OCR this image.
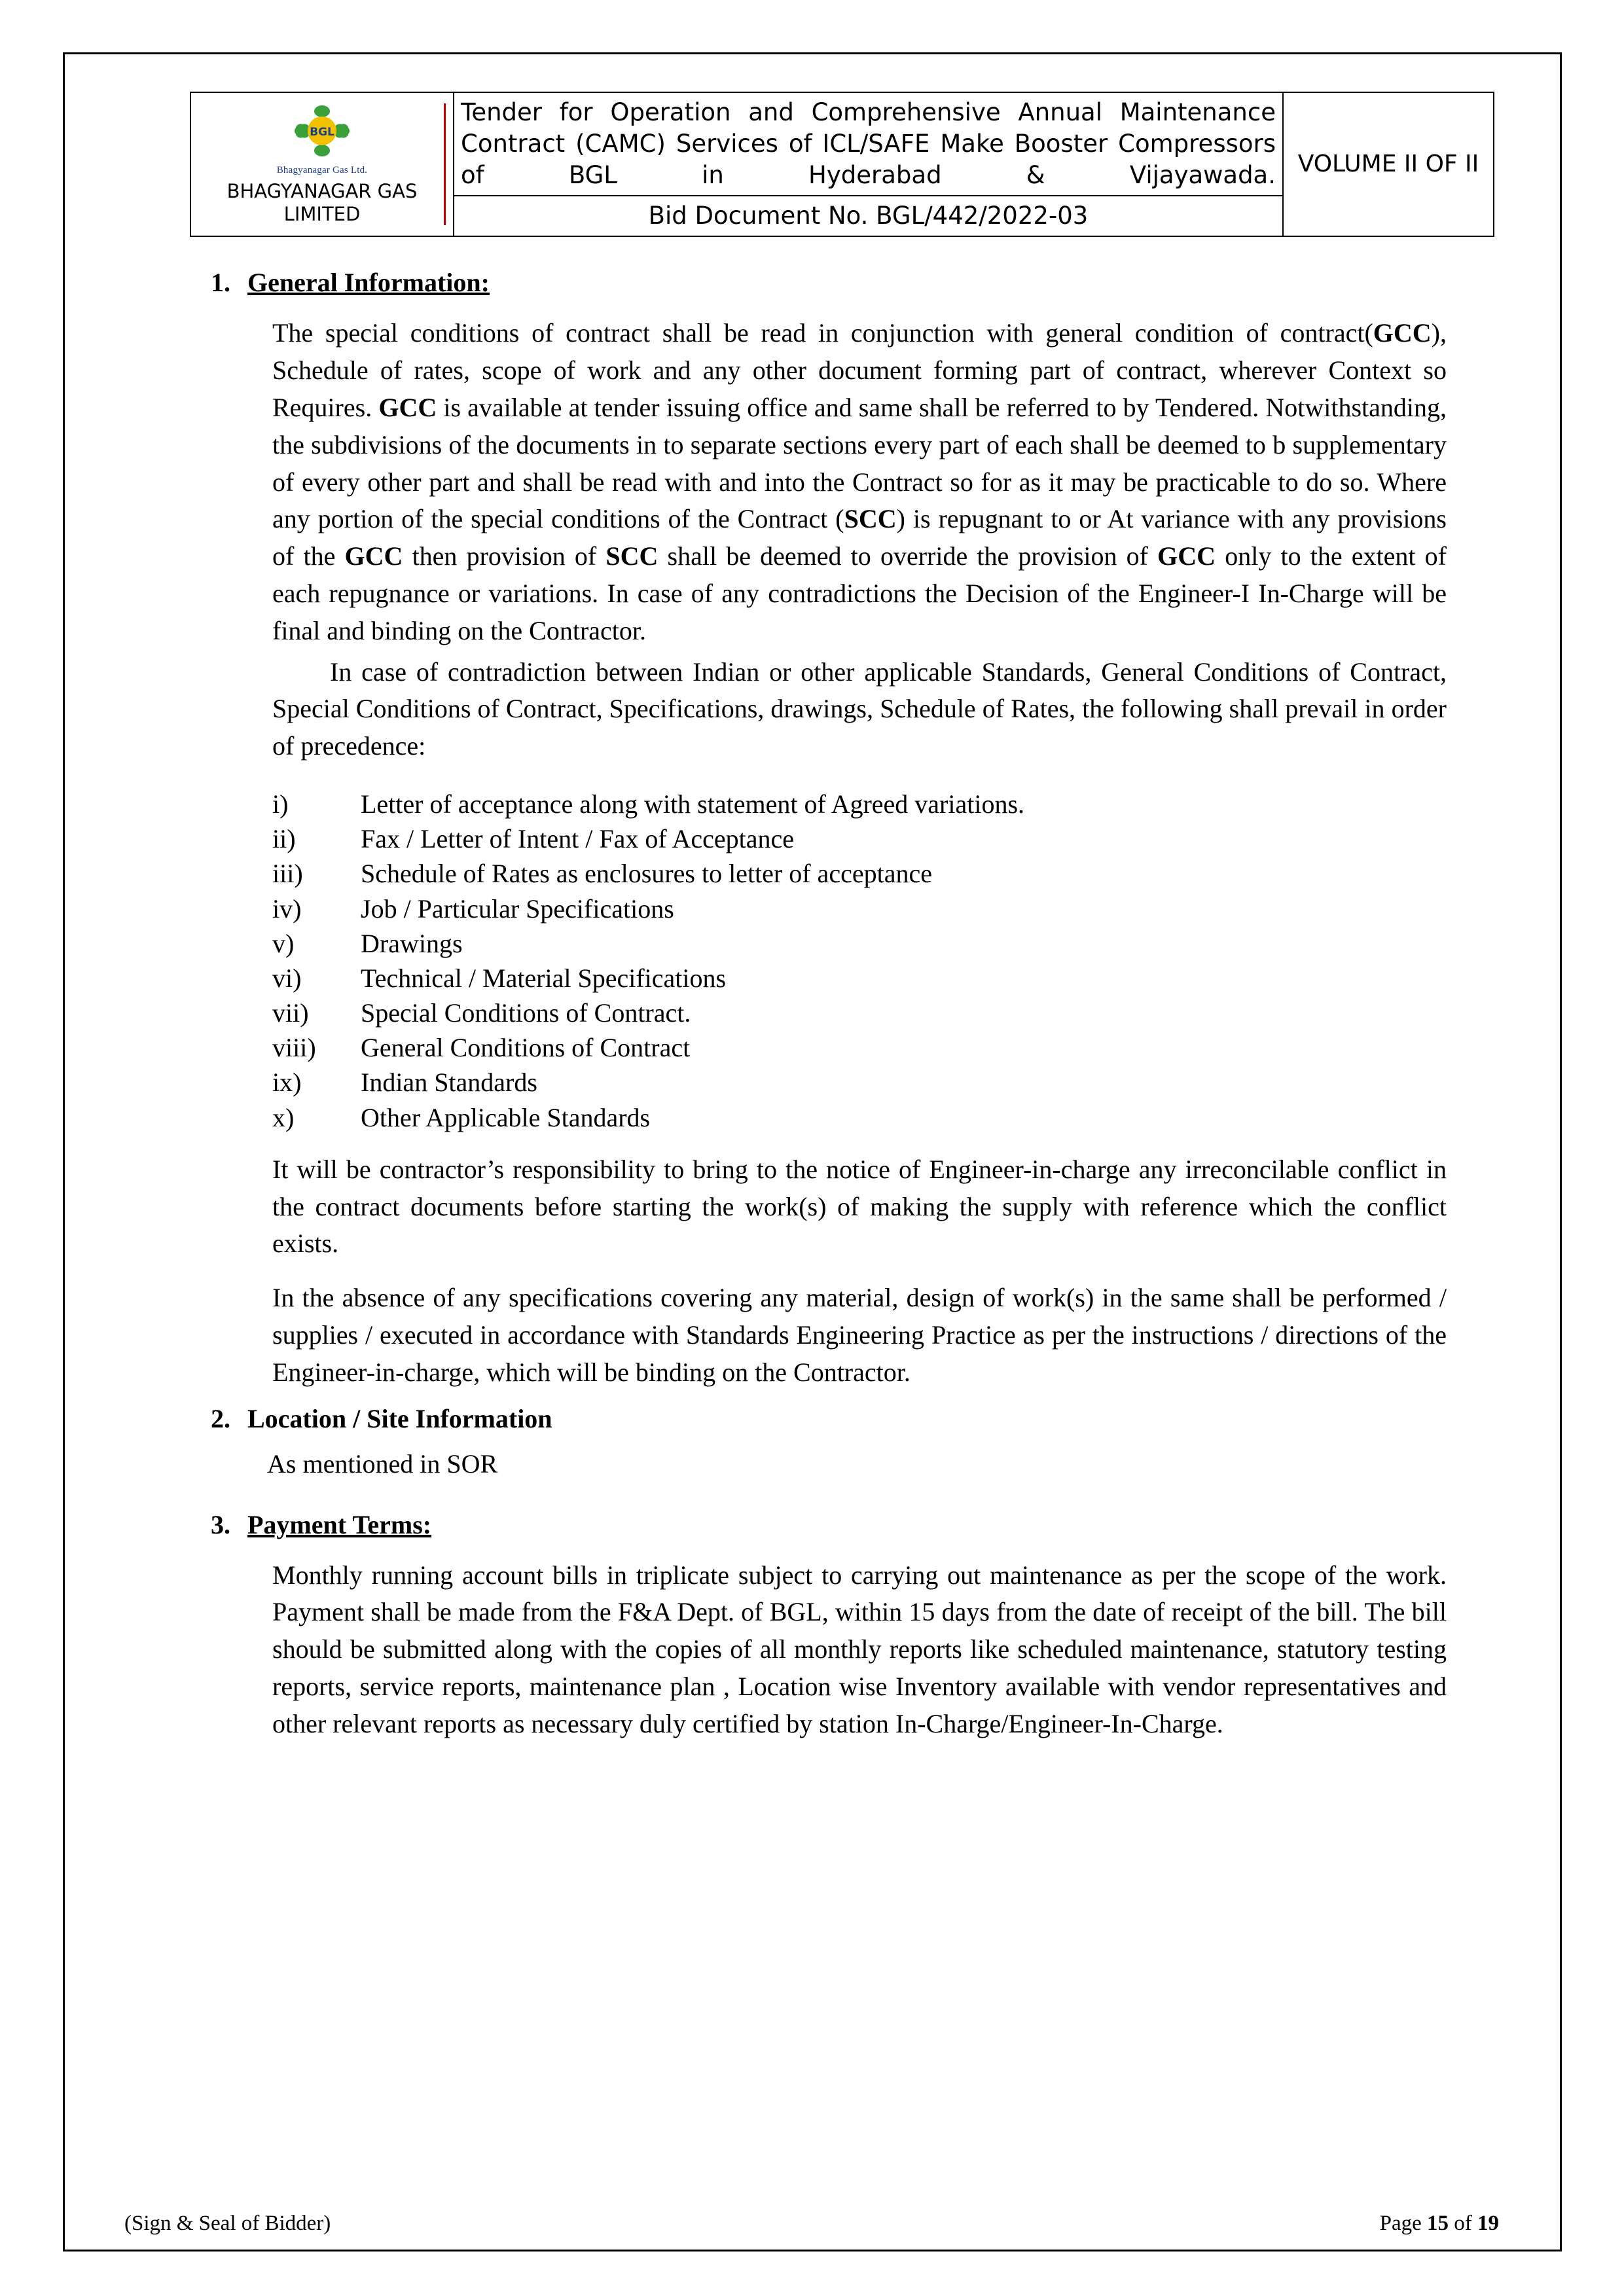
BGL
Bhagyanagar Gas Ltd.
BHAGYANAGAR GAS LIMITED
	Tender for Operation and Comprehensive Annual Maintenance Contract (CAMC) Services of ICL/SAFE Make Booster Compressors of BGL in Hyderabad & Vijayawada.	VOLUME II OF II
Bid Document No. BGL/442/2022-03
1. General Information:

The special conditions of contract shall be read in conjunction with general condition of contract(GCC), Schedule of rates, scope of work and any other document forming part of contract, wherever Context so Requires. GCC is available at tender issuing office and same shall be referred to by Tendered. Notwithstanding, the subdivisions of the documents in to separate sections every part of each shall be deemed to b supplementary of every other part and shall be read with and into the Contract so for as it may be practicable to do so. Where any portion of the special conditions of the Contract (SCC) is repugnant to or At variance with any provisions of the GCC then provision of SCC shall be deemed to override the provision of GCC only to the extent of each repugnance or variations. In case of any contradictions the Decision of the Engineer-I In-Charge will be final and binding on the Contractor.

In case of contradiction between Indian or other applicable Standards, General Conditions of Contract, Special Conditions of Contract, Specifications, drawings, Schedule of Rates, the following shall prevail in order of precedence:

i)	Letter of acceptance along with statement of Agreed variations.
ii)	Fax / Letter of Intent / Fax of Acceptance
iii)	Schedule of Rates as enclosures to letter of acceptance
iv)	Job / Particular Specifications
v)	Drawings
vi)	Technical / Material Specifications
vii)	Special Conditions of Contract.
viii)	General Conditions of Contract
ix)	Indian Standards
x)	Other Applicable Standards

It will be contractor’s responsibility to bring to the notice of Engineer-in-charge any irreconcilable conflict in the contract documents before starting the work(s) of making the supply with reference which the conflict exists.

In the absence of any specifications covering any material, design of work(s) in the same shall be performed / supplies / executed in accordance with Standards Engineering Practice as per the instructions / directions of the Engineer-in-charge, which will be binding on the Contractor.

2. Location / Site Information
As mentioned in SOR
3. Payment Terms:

Monthly running account bills in triplicate subject to carrying out maintenance as per the scope of the work. Payment shall be made from the F&A Dept. of BGL, within 15 days from the date of receipt of the bill. The bill should be submitted along with the copies of all monthly reports like scheduled maintenance, statutory testing reports, service reports, maintenance plan , Location wise Inventory available with vendor representatives and other relevant reports as necessary duly certified by station In-Charge/Engineer-In-Charge.

(Sign & Seal of Bidder)	Page 15 of 19
